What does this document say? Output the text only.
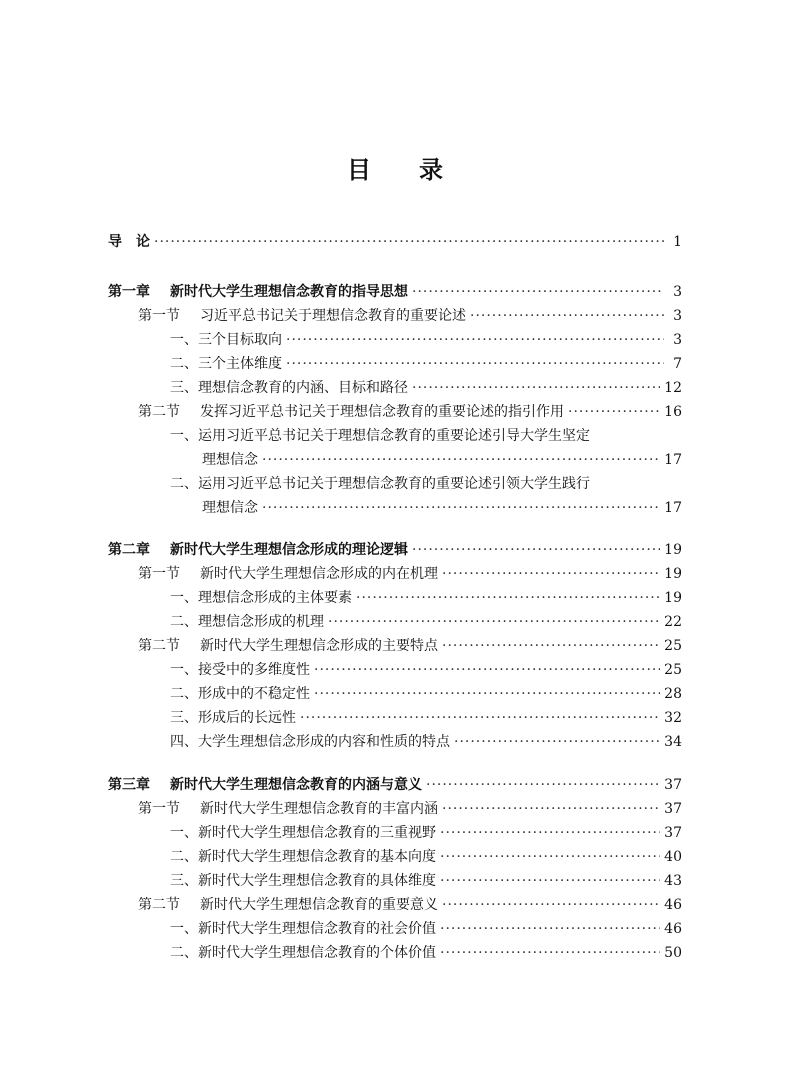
目 录
导　论 ·····	1
第一章 新时代大学生理想信念教育的指导思想 ·····	3
第一节 习近平总书记关于理想信念教育的重要论述 ·····	3
一、三个目标取向 ·····	3
二、三个主体维度 ·····	7
三、理想信念教育的内涵、目标和路径 ·····	12
第二节 发挥习近平总书记关于理想信念教育的重要论述的指引作用 ·····	16
一、运用习近平总书记关于理想信念教育的重要论述引导大学生坚定
理想信念 ·····	17
二、运用习近平总书记关于理想信念教育的重要论述引领大学生践行
理想信念 ·····	17
第二章 新时代大学生理想信念形成的理论逻辑 ·····	19
第一节 新时代大学生理想信念形成的内在机理 ·····	19
一、理想信念形成的主体要素 ·····	19
二、理想信念形成的机理 ·····	22
第二节 新时代大学生理想信念形成的主要特点 ·····	25
一、接受中的多维度性 ·····	25
二、形成中的不稳定性 ·····	28
三、形成后的长远性 ·····	32
四、大学生理想信念形成的内容和性质的特点 ·····	34
第三章 新时代大学生理想信念教育的内涵与意义 ·····	37
第一节 新时代大学生理想信念教育的丰富内涵 ·····	37
一、新时代大学生理想信念教育的三重视野 ·····	37
二、新时代大学生理想信念教育的基本向度 ·····	40
三、新时代大学生理想信念教育的具体维度 ·····	43
第二节 新时代大学生理想信念教育的重要意义 ·····	46
一、新时代大学生理想信念教育的社会价值 ·····	46
二、新时代大学生理想信念教育的个体价值 ·····	50
